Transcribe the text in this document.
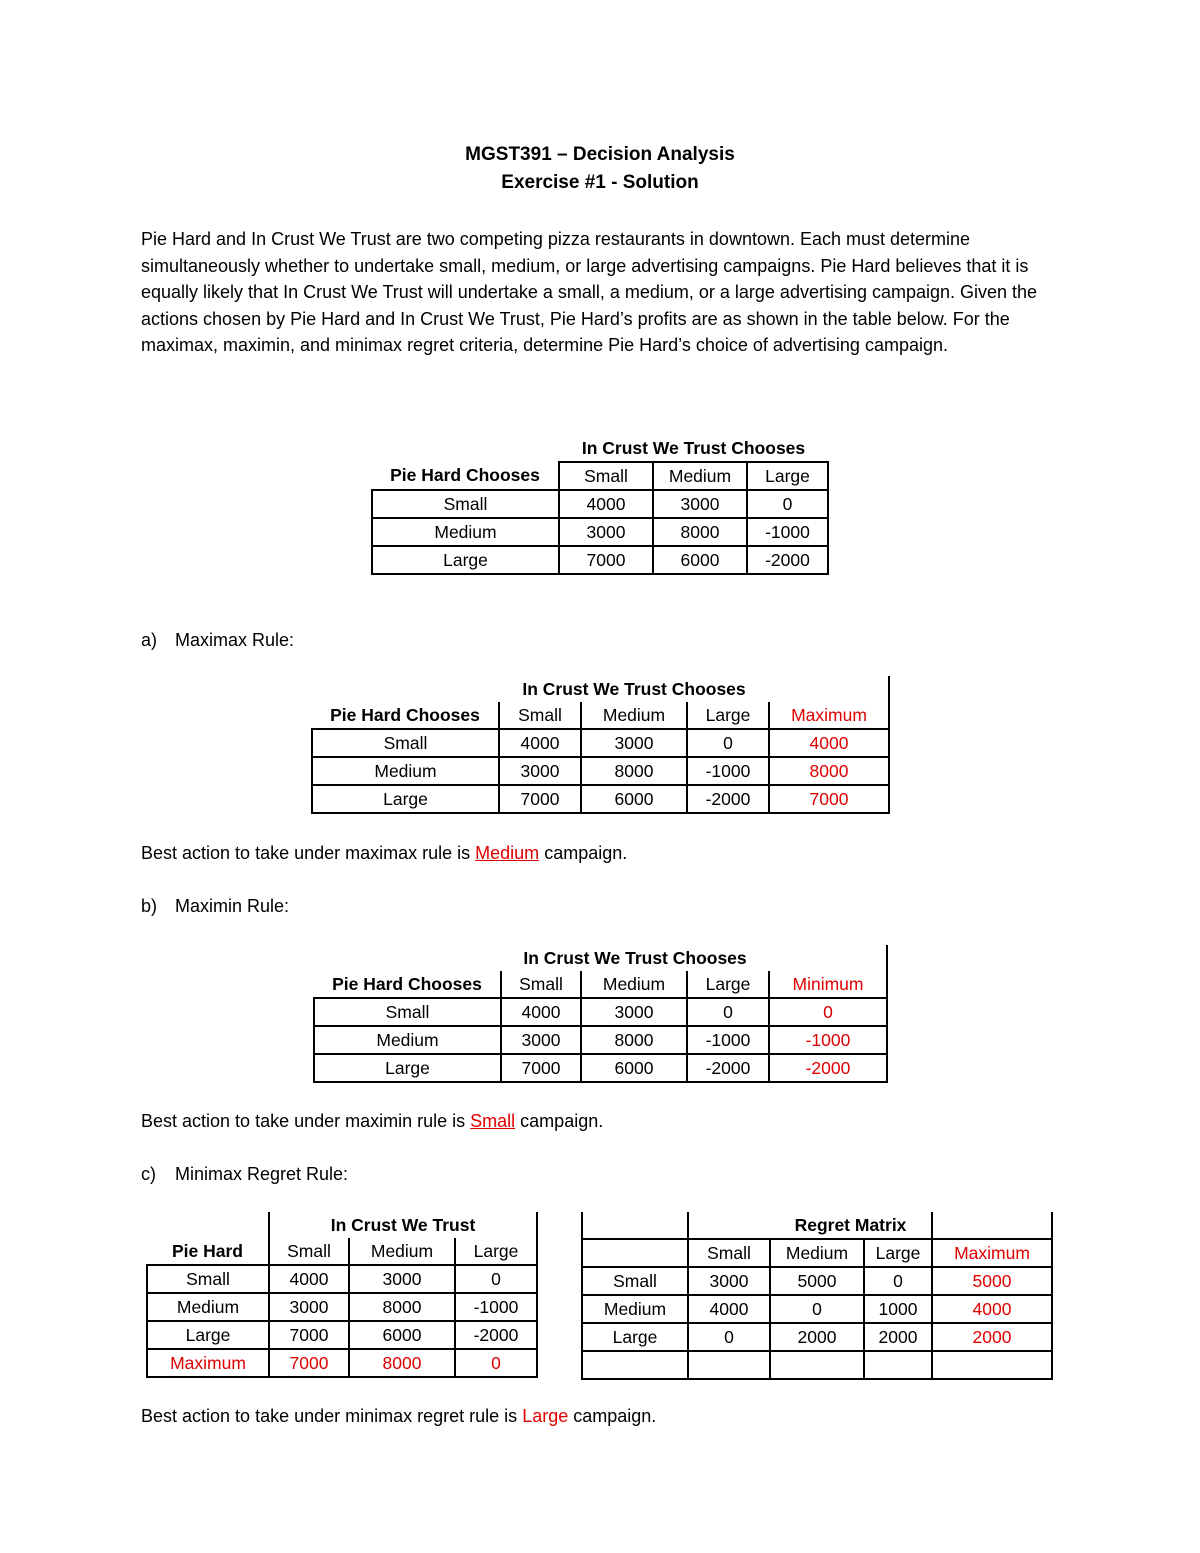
MGST391 – Decision Analysis
Exercise #1 - Solution
Pie Hard and In Crust We Trust are two competing pizza restaurants in downtown. Each must determine simultaneously whether to undertake small, medium, or large advertising campaigns. Pie Hard believes that it is equally likely that In Crust We Trust will undertake a small, a medium, or a large advertising campaign. Given the actions chosen by Pie Hard and In Crust We Trust, Pie Hard’s profits are as shown in the table below. For the maximax, maximin, and minimax regret criteria, determine Pie Hard’s choice of advertising campaign.
	In Crust We Trust Chooses		
Pie Hard Chooses	Small	Medium	Large
Small	4000	3000	0
Medium	3000	8000	-1000
Large	7000	6000	-2000
a) Maximax Rule:
	In Crust We Trust Chooses			
Pie Hard Chooses	Small	Medium	Large	Maximum
Small	4000	3000	0	4000
Medium	3000	8000	-1000	8000
Large	7000	6000	-2000	7000
Best action to take under maximax rule is Medium campaign.
b) Maximin Rule:
	In Crust We Trust Chooses			
Pie Hard Chooses	Small	Medium	Large	Minimum
Small	4000	3000	0	0
Medium	3000	8000	-1000	-1000
Large	7000	6000	-2000	-2000
Best action to take under maximin rule is Small campaign.
c) Minimax Regret Rule:
	In Crust We Trust		
Pie Hard	Small	Medium	Large
Small	4000	3000	0
Medium	3000	8000	-1000
Large	7000	6000	-2000
Maximum	7000	8000	0
		Regret Matrix		
	Small	Medium	Large	Maximum
Small	3000	5000	0	5000
Medium	4000	0	1000	4000
Large	0	2000	2000	2000

Best action to take under minimax regret rule is Large campaign.
